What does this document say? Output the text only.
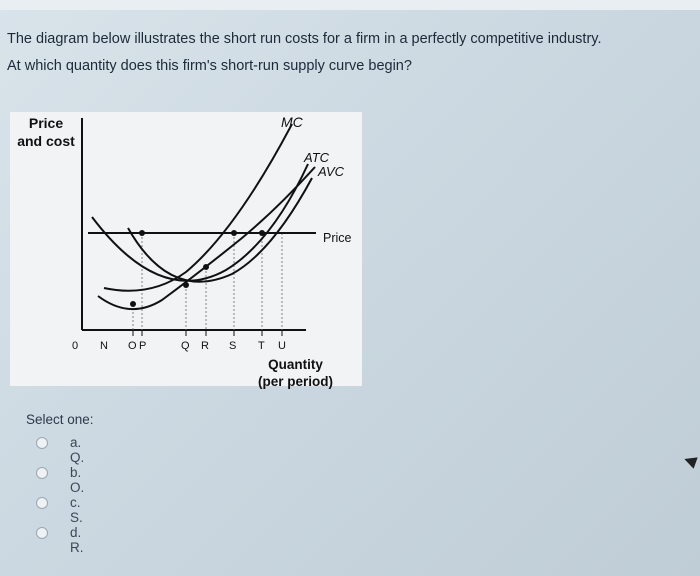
The diagram below illustrates the short run costs for a firm in a perfectly competitive industry.
At which quantity does this firm's short-run supply curve begin?
Price
and cost
MC
ATC
AVC
Price
0 N O P	Q R S T U
Quantity
(per period)
Select one:
a. Q.
b. O.
c. S.
d. R.
